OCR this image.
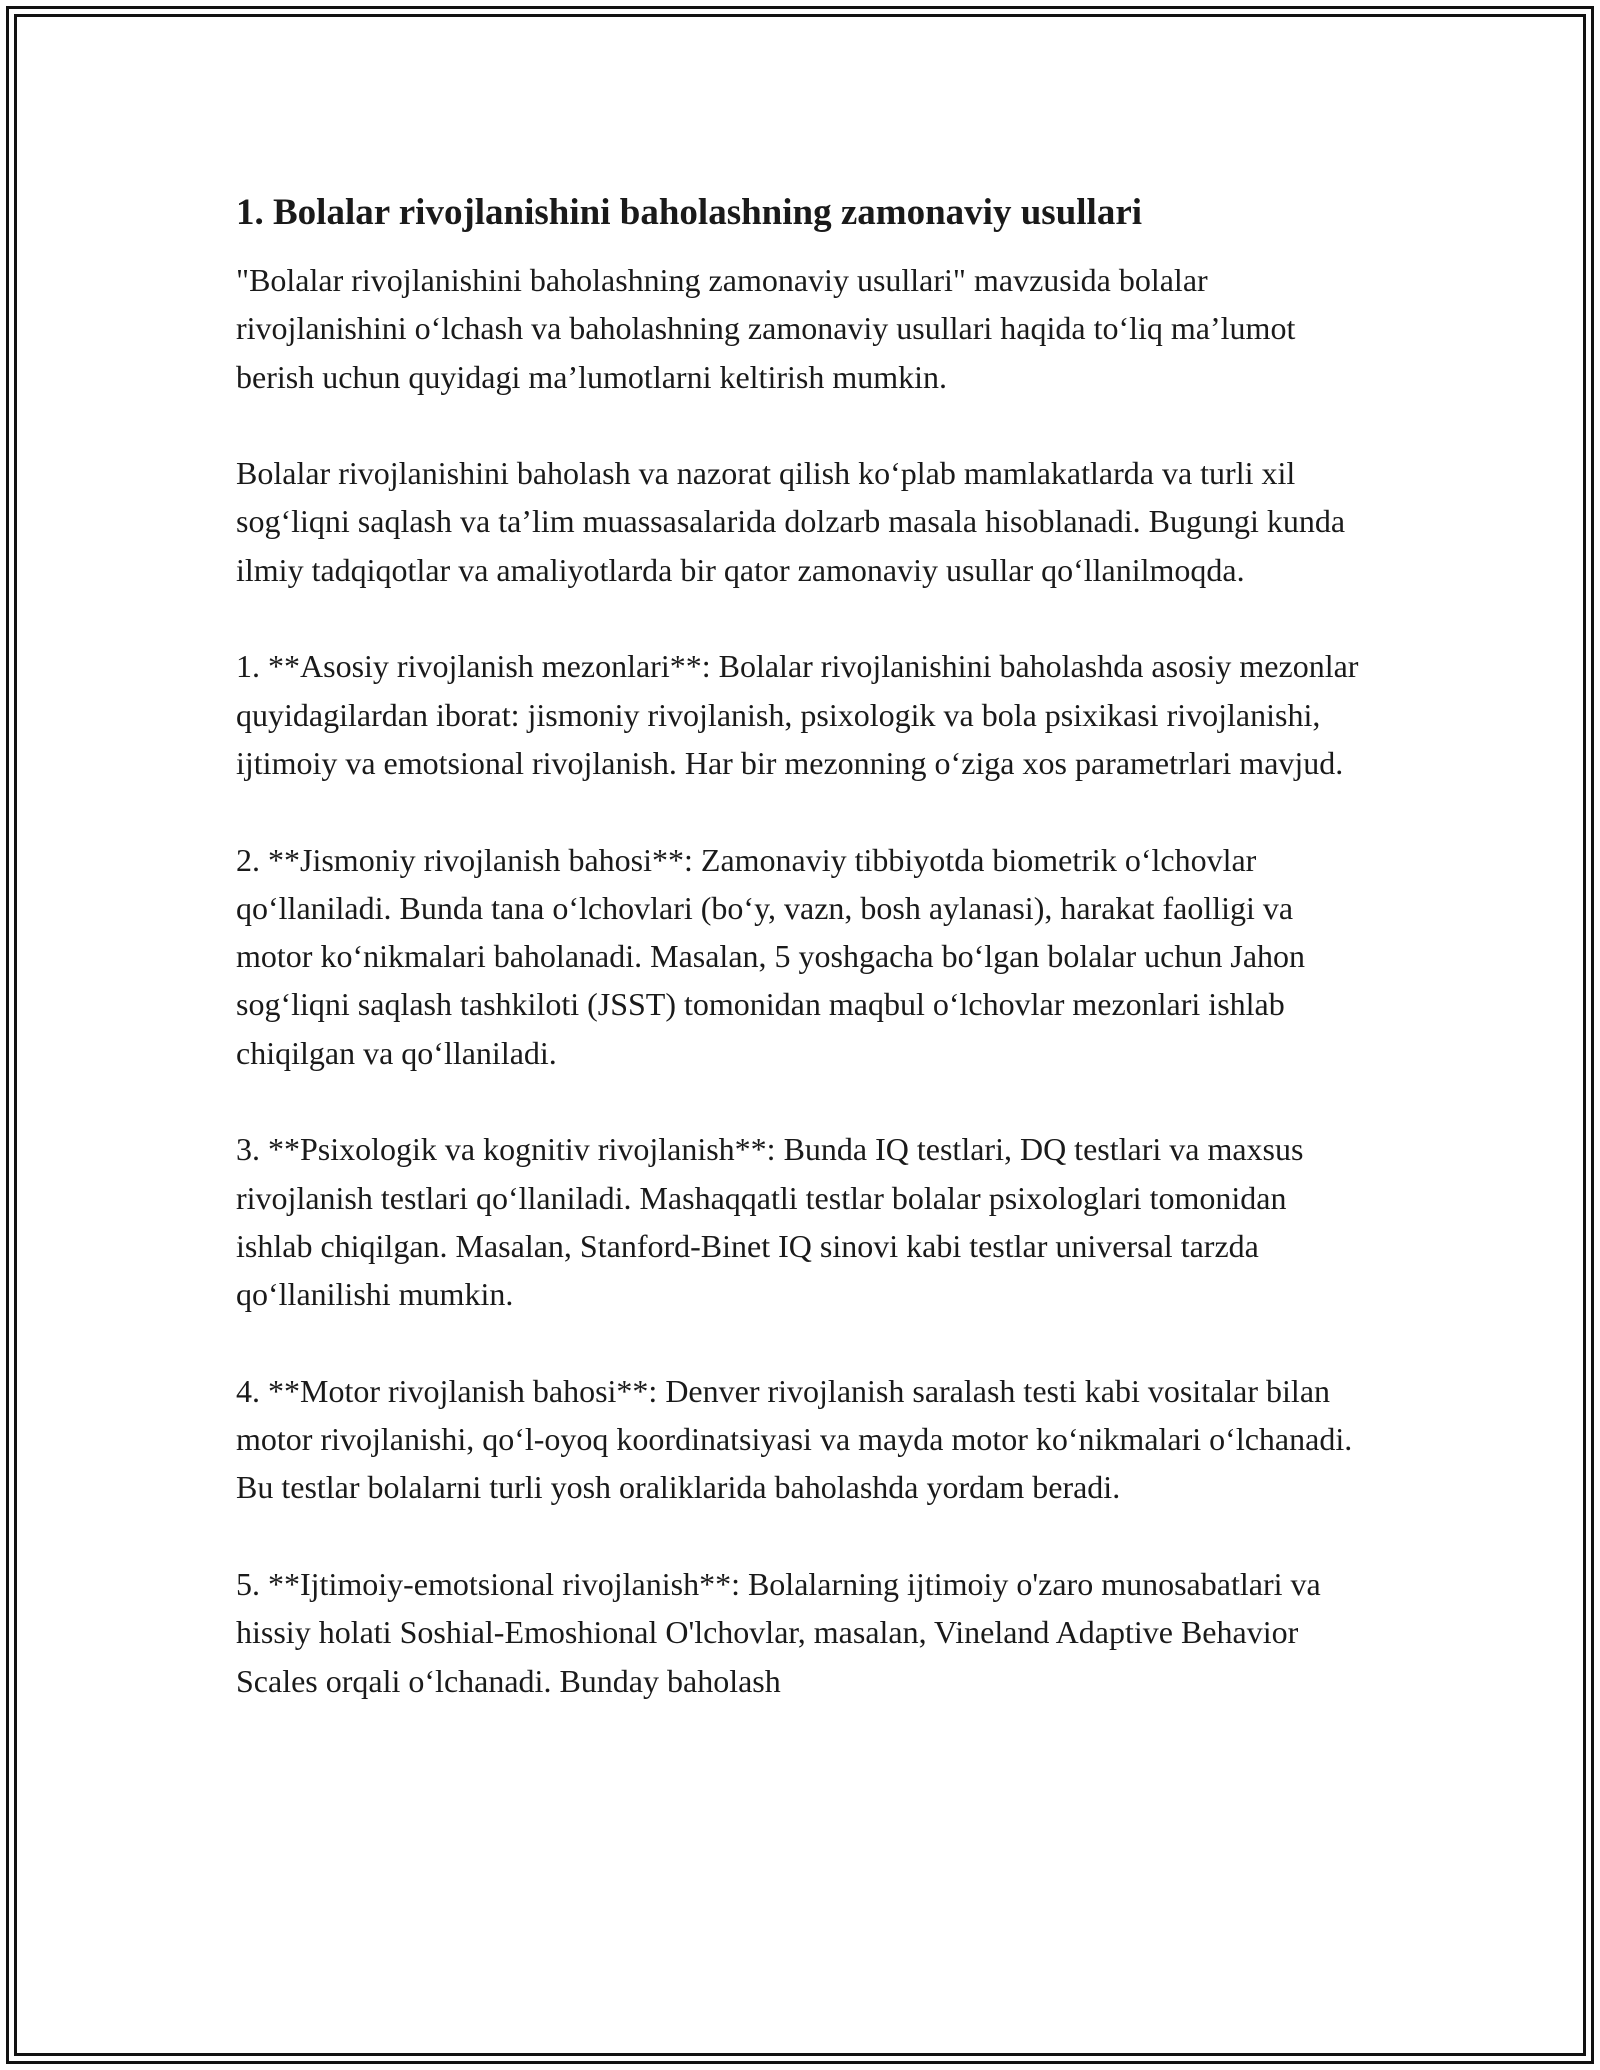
1. Bolalar rivojlanishini baholashning zamonaviy usullari

"Bolalar rivojlanishini baholashning zamonaviy usullari" mavzusida bolalar rivojlanishini o‘lchash va baholashning zamonaviy usullari haqida to‘liq ma’lumot berish uchun quyidagi ma’lumotlarni keltirish mumkin.

Bolalar rivojlanishini baholash va nazorat qilish ko‘plab mamlakatlarda va turli xil sog‘liqni saqlash va ta’lim muassasalarida dolzarb masala hisoblanadi. Bugungi kunda ilmiy tadqiqotlar va amaliyotlarda bir qator zamonaviy usullar qo‘llanilmoqda.

1. **Asosiy rivojlanish mezonlari**: Bolalar rivojlanishini baholashda asosiy mezonlar quyidagilardan iborat: jismoniy rivojlanish, psixologik va bola psixikasi rivojlanishi, ijtimoiy va emotsional rivojlanish. Har bir mezonning o‘ziga xos parametrlari mavjud.

2. **Jismoniy rivojlanish bahosi**: Zamonaviy tibbiyotda biometrik o‘lchovlar qo‘llaniladi. Bunda tana o‘lchovlari (bo‘y, vazn, bosh aylanasi), harakat faolligi va motor ko‘nikmalari baholanadi. Masalan, 5 yoshgacha bo‘lgan bolalar uchun Jahon sog‘liqni saqlash tashkiloti (JSST) tomonidan maqbul o‘lchovlar mezonlari ishlab chiqilgan va qo‘llaniladi.

3. **Psixologik va kognitiv rivojlanish**: Bunda IQ testlari, DQ testlari va maxsus rivojlanish testlari qo‘llaniladi. Mashaqqatli testlar bolalar psixologlari tomonidan ishlab chiqilgan. Masalan, Stanford-Binet IQ sinovi kabi testlar universal tarzda qo‘llanilishi mumkin.

4. **Motor rivojlanish bahosi**: Denver rivojlanish saralash testi kabi vositalar bilan motor rivojlanishi, qo‘l-oyoq koordinatsiyasi va mayda motor ko‘nikmalari o‘lchanadi. Bu testlar bolalarni turli yosh oraliklarida baholashda yordam beradi.

5. **Ijtimoiy-emotsional rivojlanish**: Bolalarning ijtimoiy o'zaro munosabatlari va hissiy holati Soshial-Emoshional O'lchovlar, masalan, Vineland Adaptive Behavior Scales orqali o‘lchanadi. Bunday baholash
